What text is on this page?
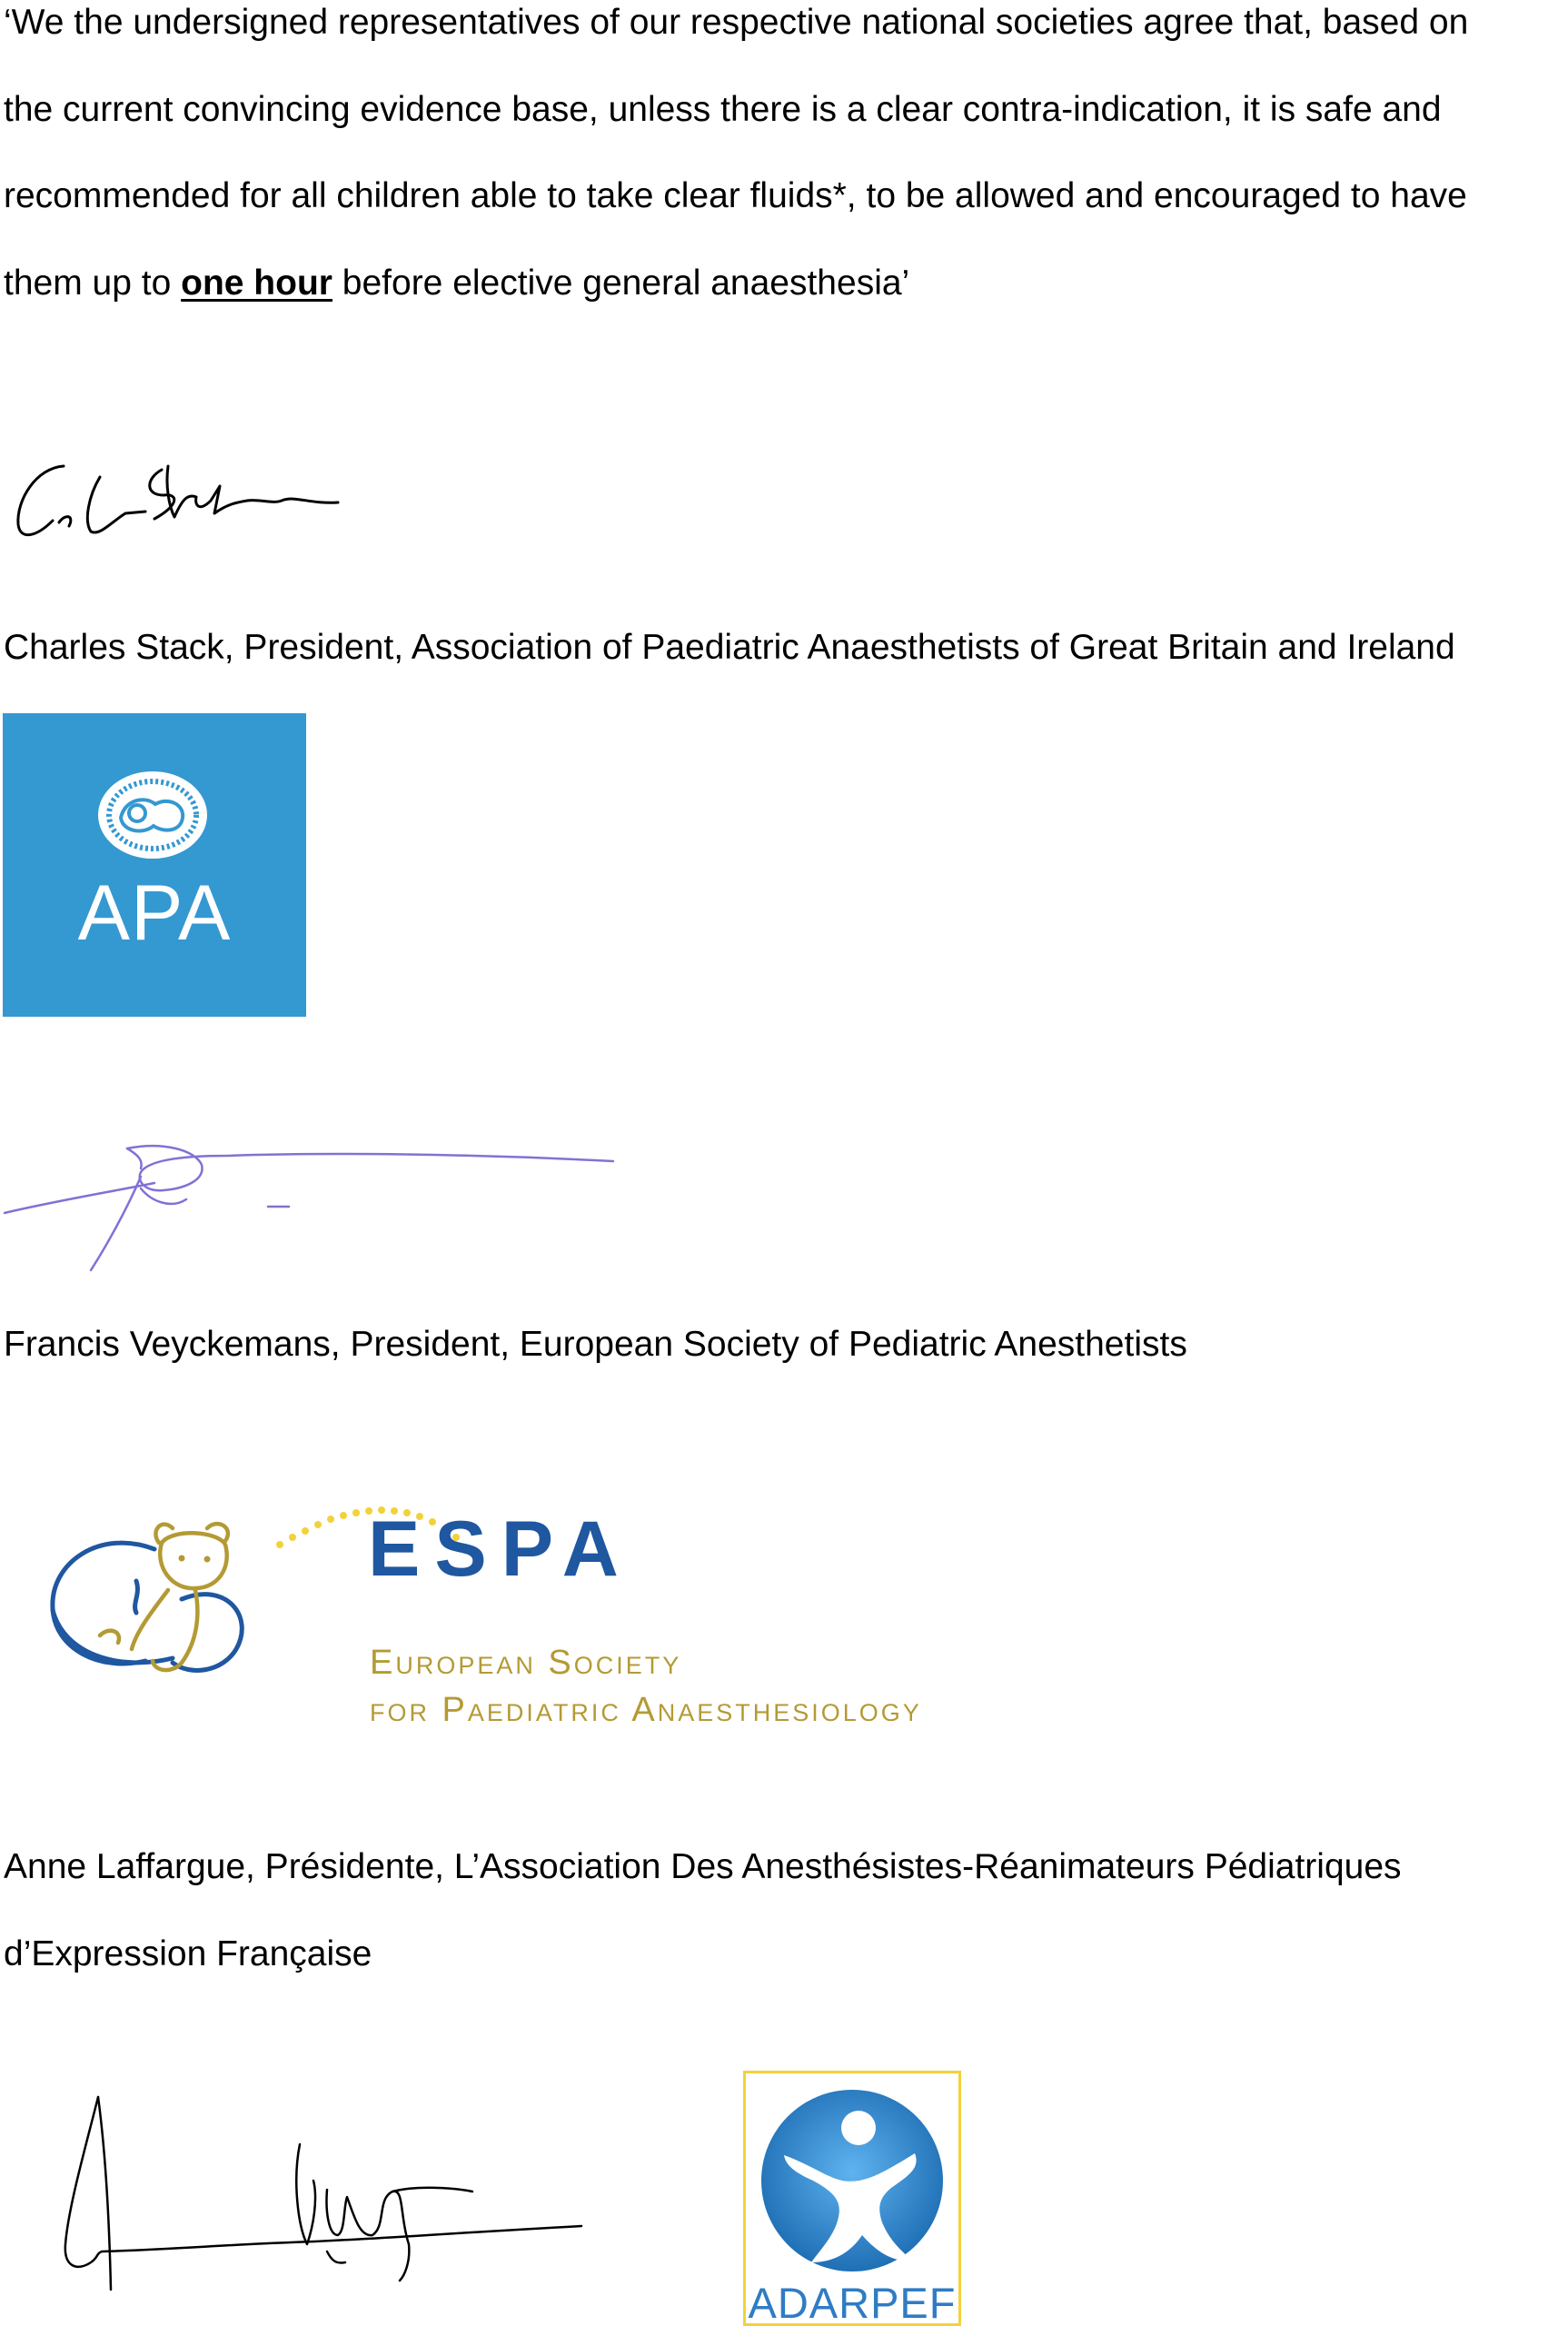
‘We the undersigned representatives of our respective national societies agree that, based on
the current convincing evidence base, unless there is a clear contra-indication, it is safe and
recommended for all children able to take clear fluids*, to be allowed and encouraged to have
them up to one hour before elective general anaesthesia’
Charles Stack, President, Association of Paediatric Anaesthetists of Great Britain and Ireland
APA
Francis Veyckemans, President, European Society of Pediatric Anesthetists
ESPA
European Society
for Paediatric Anaesthesiology
Anne Laffargue, Présidente, L’Association Des Anesthésistes-Réanimateurs Pédiatriques
d’Expression Française
ADARPEF
